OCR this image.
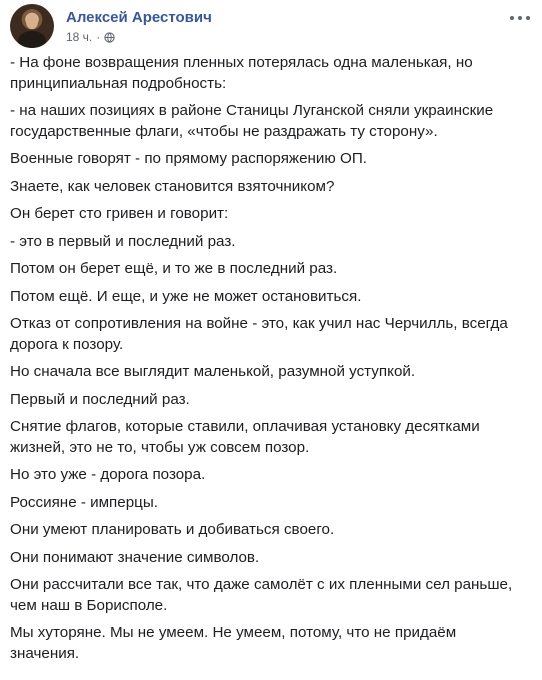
Алексей Арестович
18 ч. ·

- На фоне возвращения пленных потерялась одна маленькая, но принципиальная подробность:

- на наших позициях в районе Станицы Луганской сняли украинские государственные флаги, «чтобы не раздражать ту сторону».

Военные говорят - по прямому распоряжению ОП.

Знаете, как человек становится взяточником?

Он берет сто гривен и говорит:

- это в первый и последний раз.

Потом он берет ещё, и то же в последний раз.

Потом ещё. И еще, и уже не может остановиться.

Отказ от сопротивления на войне - это, как учил нас Черчилль, всегда дорога к позору.

Но сначала все выглядит маленькой, разумной уступкой.

Первый и последний раз.

Снятие флагов, которые ставили, оплачивая установку десятками жизней, это не то, чтобы уж совсем позор.

Но это уже - дорога позора.

Россияне - имперцы.

Они умеют планировать и добиваться своего.

Они понимают значение символов.

Они рассчитали все так, что даже самолёт с их пленными сел раньше, чем наш в Борисполе.

Мы хуторяне. Мы не умеем. Не умеем, потому, что не придаём значения.
